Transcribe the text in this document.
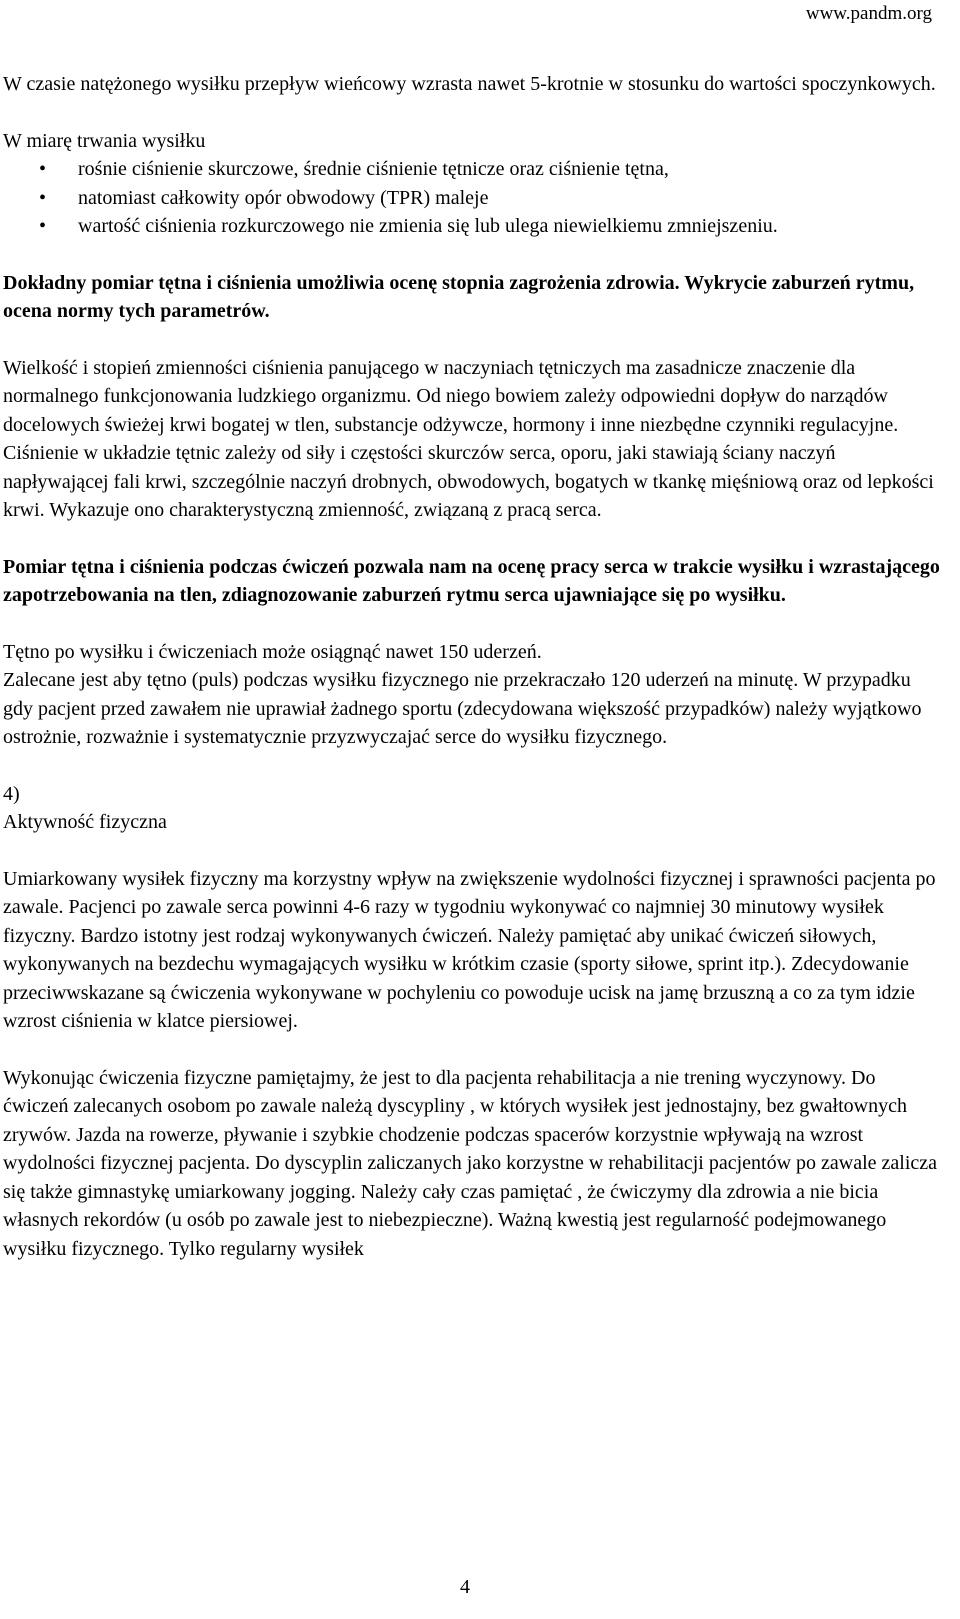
www.pandm.org

W czasie natężonego wysiłku przepływ wieńcowy wzrasta nawet 5-krotnie w stosunku do wartości spoczynkowych.

W miarę trwania wysiłku

• rośnie ciśnienie skurczowe, średnie ciśnienie tętnicze oraz ciśnienie tętna,
• natomiast całkowity opór obwodowy (TPR) maleje
• wartość ciśnienia rozkurczowego nie zmienia się lub ulega niewielkiemu zmniejszeniu.

Dokładny pomiar tętna i ciśnienia umożliwia ocenę stopnia zagrożenia zdrowia. Wykrycie zaburzeń rytmu, ocena normy tych parametrów.

Wielkość i stopień zmienności ciśnienia panującego w naczyniach tętniczych ma zasadnicze znaczenie dla normalnego funkcjonowania ludzkiego organizmu. Od niego bowiem zależy odpowiedni dopływ do narządów docelowych świeżej krwi bogatej w tlen, substancje odżywcze, hormony i inne niezbędne czynniki regulacyjne.

Ciśnienie w układzie tętnic zależy od siły i częstości skurczów serca, oporu, jaki stawiają ściany naczyń napływającej fali krwi, szczególnie naczyń drobnych, obwodowych, bogatych w tkankę mięśniową oraz od lepkości krwi. Wykazuje ono charakterystyczną zmienność, związaną z pracą serca.

Pomiar tętna i ciśnienia podczas ćwiczeń pozwala nam na ocenę pracy serca w trakcie wysiłku i wzrastającego zapotrzebowania na tlen, zdiagnozowanie zaburzeń rytmu serca ujawniające się po wysiłku.

Tętno po wysiłku i ćwiczeniach może osiągnąć nawet 150 uderzeń.

Zalecane jest aby tętno (puls) podczas wysiłku fizycznego nie przekraczało 120 uderzeń na minutę. W przypadku gdy pacjent przed zawałem nie uprawiał żadnego sportu (zdecydowana większość przypadków) należy wyjątkowo ostrożnie, rozważnie i systematycznie przyzwyczajać serce do wysiłku fizycznego.

4)

Aktywność fizyczna

Umiarkowany wysiłek fizyczny ma korzystny wpływ na zwiększenie wydolności fizycznej i sprawności pacjenta po zawale. Pacjenci po zawale serca powinni 4-6 razy w tygodniu wykonywać co najmniej 30 minutowy wysiłek fizyczny. Bardzo istotny jest rodzaj wykonywanych ćwiczeń. Należy pamiętać aby unikać ćwiczeń siłowych, wykonywanych na bezdechu wymagających wysiłku w krótkim czasie (sporty siłowe, sprint itp.). Zdecydowanie przeciwwskazane są ćwiczenia wykonywane w pochyleniu co powoduje ucisk na jamę brzuszną a co za tym idzie wzrost ciśnienia w klatce piersiowej.

Wykonując ćwiczenia fizyczne pamiętajmy, że jest to dla pacjenta rehabilitacja a nie trening wyczynowy. Do ćwiczeń zalecanych osobom po zawale należą dyscypliny , w których wysiłek jest jednostajny, bez gwałtownych zrywów. Jazda na rowerze, pływanie i szybkie chodzenie podczas spacerów korzystnie wpływają na wzrost wydolności fizycznej pacjenta. Do dyscyplin zaliczanych jako korzystne w rehabilitacji pacjentów po zawale zalicza się także gimnastykę umiarkowany jogging. Należy cały czas pamiętać , że ćwiczymy dla zdrowia a nie bicia własnych rekordów (u osób po zawale jest to niebezpieczne). Ważną kwestią jest regularność podejmowanego wysiłku fizycznego. Tylko regularny wysiłek

4
